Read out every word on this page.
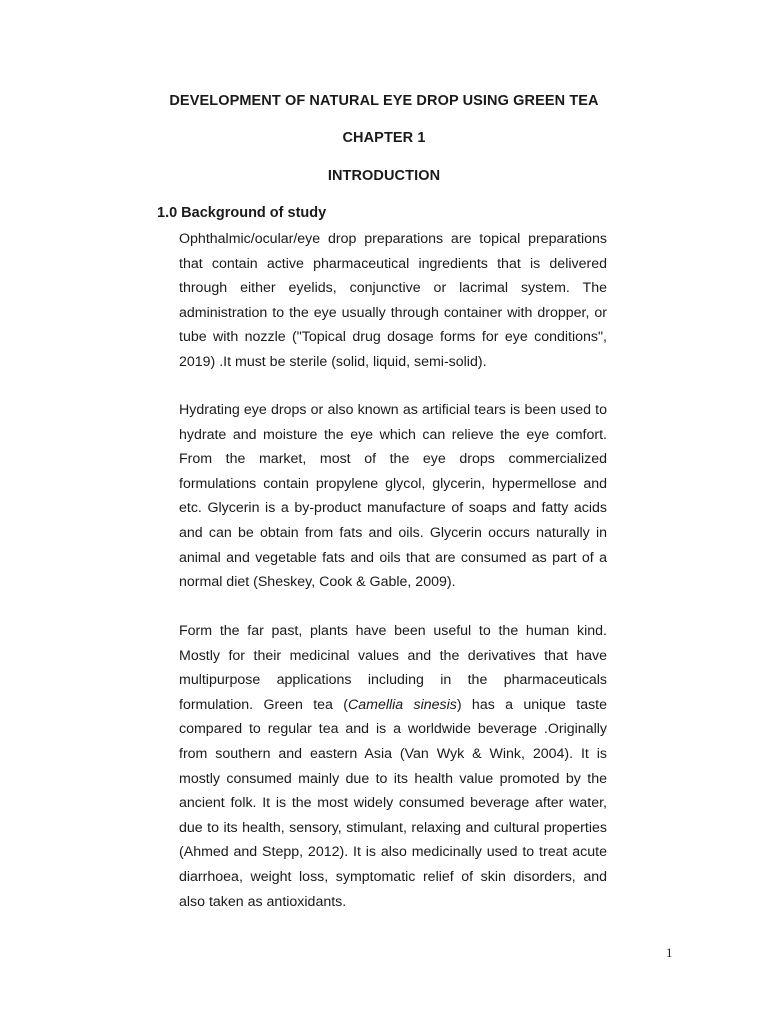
DEVELOPMENT OF NATURAL EYE DROP USING GREEN TEA
CHAPTER 1
INTRODUCTION
1.0 Background of study

Ophthalmic/ocular/eye drop preparations are topical preparations that contain active pharmaceutical ingredients that is delivered through either eyelids, conjunctive or lacrimal system. The administration to the eye usually through container with dropper, or tube with nozzle ("Topical drug dosage forms for eye conditions", 2019) .It must be sterile (solid, liquid, semi-solid).

Hydrating eye drops or also known as artificial tears is been used to hydrate and moisture the eye which can relieve the eye comfort. From the market, most of the eye drops commercialized formulations contain propylene glycol, glycerin, hypermellose and etc. Glycerin is a by-product manufacture of soaps and fatty acids and can be obtain from fats and oils. Glycerin occurs naturally in animal and vegetable fats and oils that are consumed as part of a normal diet (Sheskey, Cook & Gable, 2009).

Form the far past, plants have been useful to the human kind. Mostly for their medicinal values and the derivatives that have multipurpose applications including in the pharmaceuticals formulation. Green tea (Camellia sinesis) has a unique taste compared to regular tea and is a worldwide beverage .Originally from southern and eastern Asia (Van Wyk & Wink, 2004). It is mostly consumed mainly due to its health value promoted by the ancient folk. It is the most widely consumed beverage after water, due to its health, sensory, stimulant, relaxing and cultural properties (Ahmed and Stepp, 2012). It is also medicinally used to treat acute diarrhoea, weight loss, symptomatic relief of skin disorders, and also taken as antioxidants.

1
